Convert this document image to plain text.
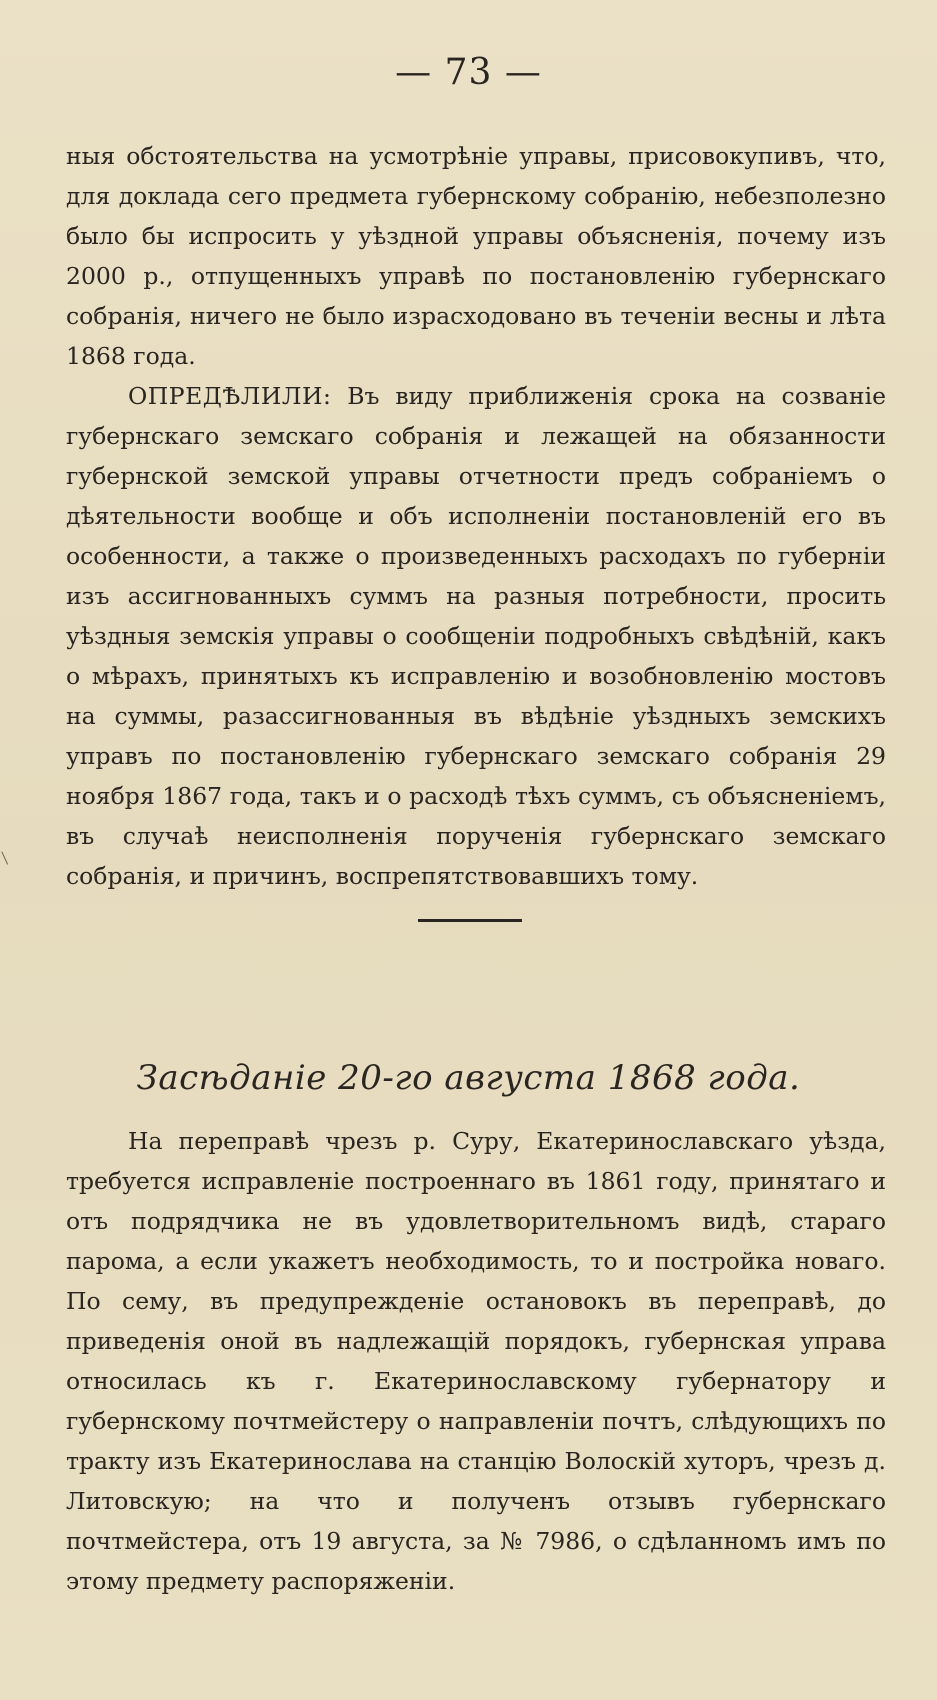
— 73 —

ныя обстоятельства на усмотрѣніе управы, присовокупивъ, что, для доклада сего предмета губернскому собранію, небезполезно было бы испросить у уѣздной управы объясненія, почему изъ 2000 р., отпущенныхъ управѣ по постановленію губернскаго собранія, ничего не было израсходовано въ теченіи весны и лѣта 1868 года.

ОПРЕДѢЛИЛИ: Въ виду приближенія срока на созваніе губернскаго земскаго собранія и лежащей на обязанности губернской земской управы отчетности предъ собраніемъ о дѣятельности вообще и объ исполненіи постановленій его въ особенности, а также о произведенныхъ расходахъ по губерніи изъ ассигнованныхъ суммъ на разныя потребности, просить уѣздныя земскія управы о сообщеніи подробныхъ свѣдѣній, какъ о мѣрахъ, принятыхъ къ исправленію и возобновленію мостовъ на суммы, разассигнованныя въ вѣдѣніе уѣздныхъ земскихъ управъ по постановленію губернскаго земскаго собранія 29 ноября 1867 года, такъ и о расходѣ тѣхъ суммъ, съ объясненіемъ, въ случаѣ неисполненія порученія губернскаго земскаго собранія, и причинъ, воспрепятствовавшихъ тому.

Засѣданіе 20-го августа 1868 года.

На переправѣ чрезъ р. Суру, Екатеринославскаго уѣзда, требуется исправленіе построеннаго въ 1861 году, принятаго и отъ подрядчика не въ удовлетворительномъ видѣ, стараго парома, а если укажетъ необходимость, то и постройка новаго. По сему, въ предупрежденіе остановокъ въ переправѣ, до приведенія оной въ надлежащій порядокъ, губернская управа относилась къ г. Екатеринославскому губернатору и губернскому почтмейстеру о направленіи почтъ, слѣдующихъ по тракту изъ Екатеринослава на станцію Волоскій хуторъ, чрезъ д. Литовскую; на что и полученъ отзывъ губернскаго почтмейстера, отъ 19 августа, за № 7986, о сдѣланномъ имъ по этому предмету распоряженіи.
